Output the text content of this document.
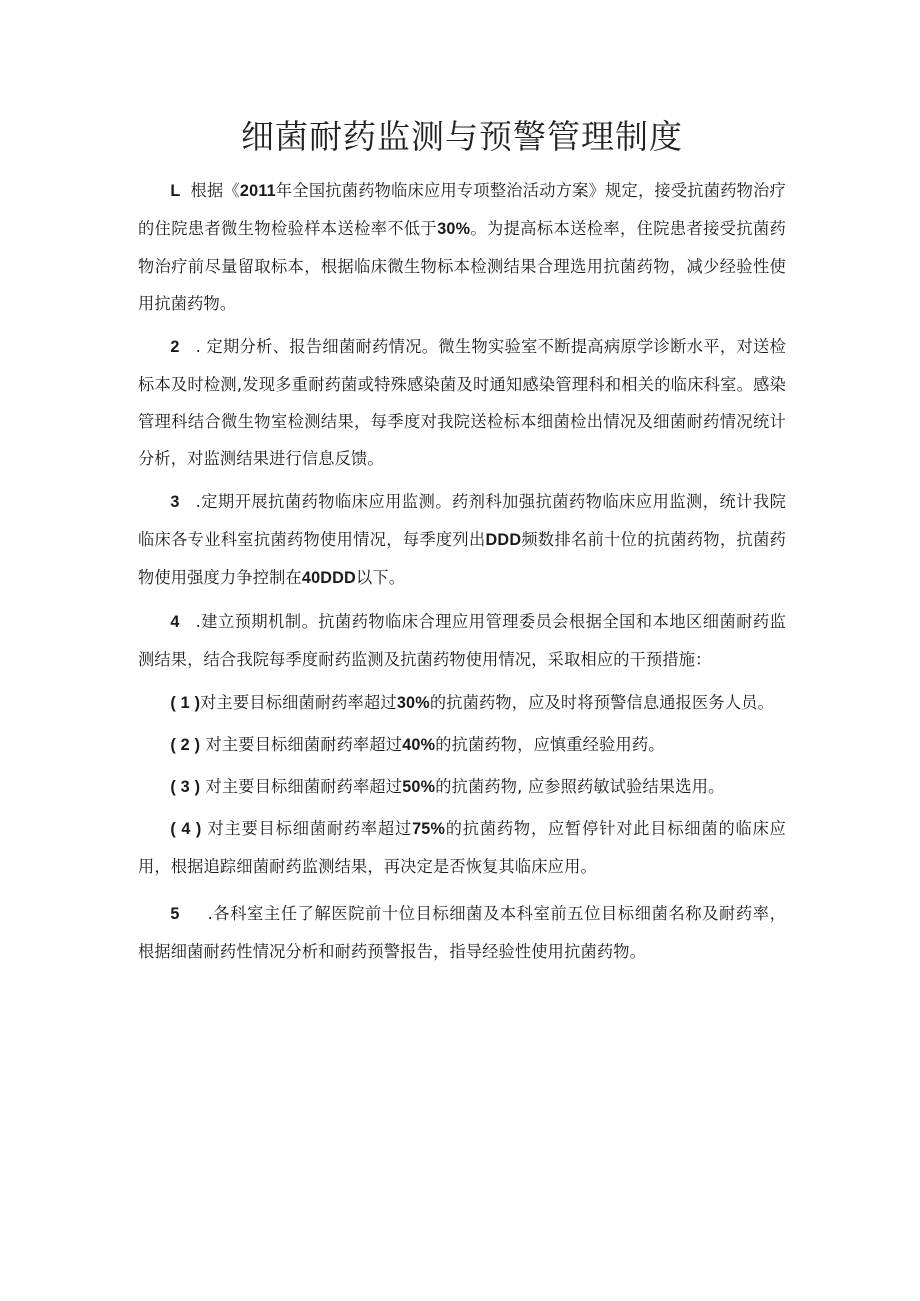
细菌耐药监测与预警管理制度

L 根据《2011年全国抗菌药物临床应用专项整治活动方案》规定，接受抗菌药物治疗的住院患者微生物检验样本送检率不低于30%。为提高标本送检率，住院患者接受抗菌药物治疗前尽量留取标本，根据临床微生物标本检测结果合理选用抗菌药物，减少经验性使用抗菌药物。

2 . 定期分析、报告细菌耐药情况。微生物实验室不断提高病原学诊断水平，对送检标本及时检测,发现多重耐药菌或特殊感染菌及时通知感染管理科和相关的临床科室。感染管理科结合微生物室检测结果，每季度对我院送检标本细菌检出情况及细菌耐药情况统计分析，对监测结果进行信息反馈。

3 .定期开展抗菌药物临床应用监测。药剂科加强抗菌药物临床应用监测，统计我院临床各专业科室抗菌药物使用情况，每季度列出DDD频数排名前十位的抗菌药物，抗菌药物使用强度力争控制在40DDD以下。

4 .建立预期机制。抗菌药物临床合理应用管理委员会根据全国和本地区细菌耐药监测结果，结合我院每季度耐药监测及抗菌药物使用情况，采取相应的干预措施：

( 1 )对主要目标细菌耐药率超过30%的抗菌药物，应及时将预警信息通报医务人员。

( 2 ) 对主要目标细菌耐药率超过40%的抗菌药物，应慎重经验用药。

( 3 ) 对主要目标细菌耐药率超过50%的抗菌药物, 应参照药敏试验结果选用。

( 4 ) 对主要目标细菌耐药率超过75%的抗菌药物，应暂停针对此目标细菌的临床应用，根据追踪细菌耐药监测结果，再决定是否恢复其临床应用。

5 .各科室主任了解医院前十位目标细菌及本科室前五位目标细菌名称及耐药率，根据细菌耐药性情况分析和耐药预警报告，指导经验性使用抗菌药物。
